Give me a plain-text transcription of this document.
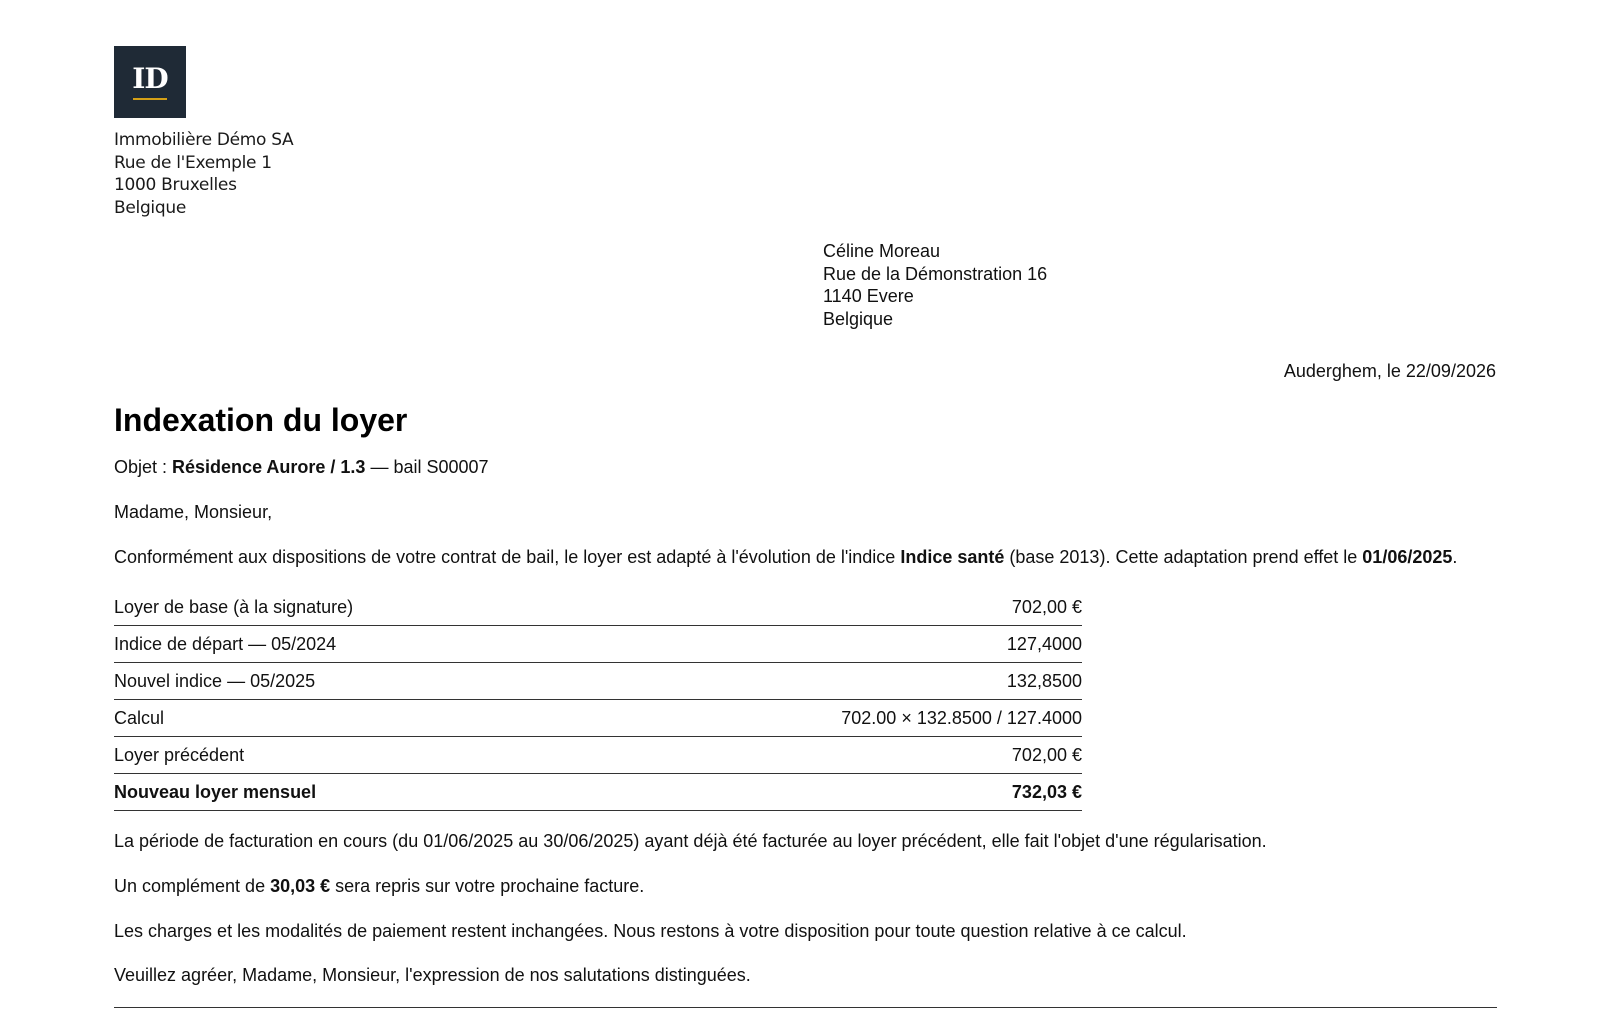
ID
Immobilière Démo SA
Rue de l'Exemple 1
1000 Bruxelles
Belgique
Céline Moreau
Rue de la Démonstration 16
1140 Evere
Belgique
Auderghem, le 22/09/2026
Indexation du loyer
Objet : Résidence Aurore / 1.3 — bail S00007
Madame, Monsieur,
Conformément aux dispositions de votre contrat de bail, le loyer est adapté à l'évolution de l'indice Indice santé (base 2013). Cette adaptation prend effet le 01/06/2025.
Loyer de base (à la signature)	702,00 €
Indice de départ — 05/2024	127,4000
Nouvel indice — 05/2025	132,8500
Calcul	702.00 × 132.8500 / 127.4000
Loyer précédent	702,00 €
Nouveau loyer mensuel	732,03 €
La période de facturation en cours (du 01/06/2025 au 30/06/2025) ayant déjà été facturée au loyer précédent, elle fait l'objet d'une régularisation.
Un complément de 30,03 € sera repris sur votre prochaine facture.
Les charges et les modalités de paiement restent inchangées. Nous restons à votre disposition pour toute question relative à ce calcul.
Veuillez agréer, Madame, Monsieur, l'expression de nos salutations distinguées.
